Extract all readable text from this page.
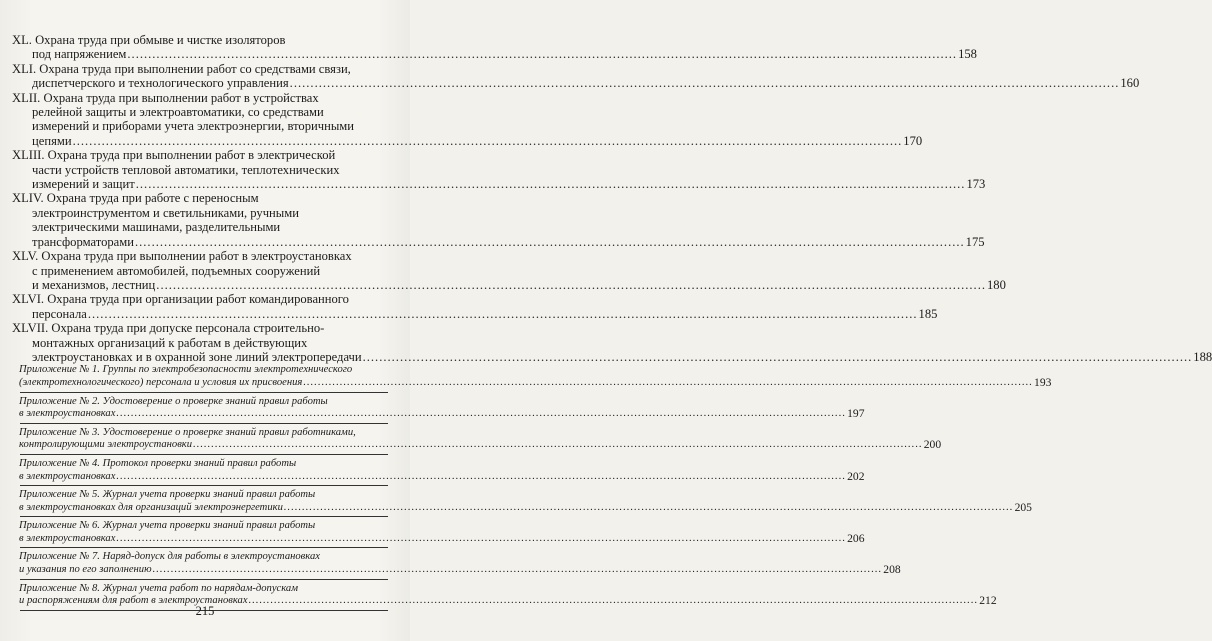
XL. Охрана труда при обмыве и чистке изоляторов
под напряжением ........................................................................................................................................................................................................ 158
XLI. Охрана труда при выполнении работ со средствами связи,
диспетчерского и технологического управления ........................................................................................................................................................................................................ 160
XLII. Охрана труда при выполнении работ в устройствах
релейной защиты и электроавтоматики, со средствами
измерений и приборами учета электроэнергии, вторичными
цепями ........................................................................................................................................................................................................ 170
XLIII. Охрана труда при выполнении работ в электрической
части устройств тепловой автоматики, теплотехнических
измерений и защит ........................................................................................................................................................................................................ 173
XLIV. Охрана труда при работе с переносным
электроинструментом и светильниками, ручными
электрическими машинами, разделительными
трансформаторами ........................................................................................................................................................................................................ 175
XLV. Охрана труда при выполнении работ в электроустановках
с применением автомобилей, подъемных сооружений
и механизмов, лестниц ........................................................................................................................................................................................................ 180
XLVI. Охрана труда при организации работ командированного
персонала ........................................................................................................................................................................................................ 185
XLVII. Охрана труда при допуске персонала строительно-
монтажных организаций к работам в действующих
электроустановках и в охранной зоне линий электропередачи ........................................................................................................................................................................................................ 188
Приложение № 1. Группы по электробезопасности электротехнического
(электротехнологического) персонала и условия их присвоения ........................................................................................................................................................................................................ 193
Приложение № 2. Удостоверение о проверке знаний правил работы
в электроустановках ........................................................................................................................................................................................................ 197
Приложение № 3. Удостоверение о проверке знаний правил работниками,
контролирующими электроустановки ........................................................................................................................................................................................................ 200
Приложение № 4. Протокол проверки знаний правил работы
в электроустановках ........................................................................................................................................................................................................ 202
Приложение № 5. Журнал учета проверки знаний правил работы
в электроустановках для организаций электроэнергетики ........................................................................................................................................................................................................ 205
Приложение № 6. Журнал учета проверки знаний правил работы
в электроустановках ........................................................................................................................................................................................................ 206
Приложение № 7. Наряд-допуск для работы в электроустановках
и указания по его заполнению ........................................................................................................................................................................................................ 208
Приложение № 8. Журнал учета работ по нарядам-допускам
и распоряжениям для работ в электроустановках ........................................................................................................................................................................................................ 212
215
